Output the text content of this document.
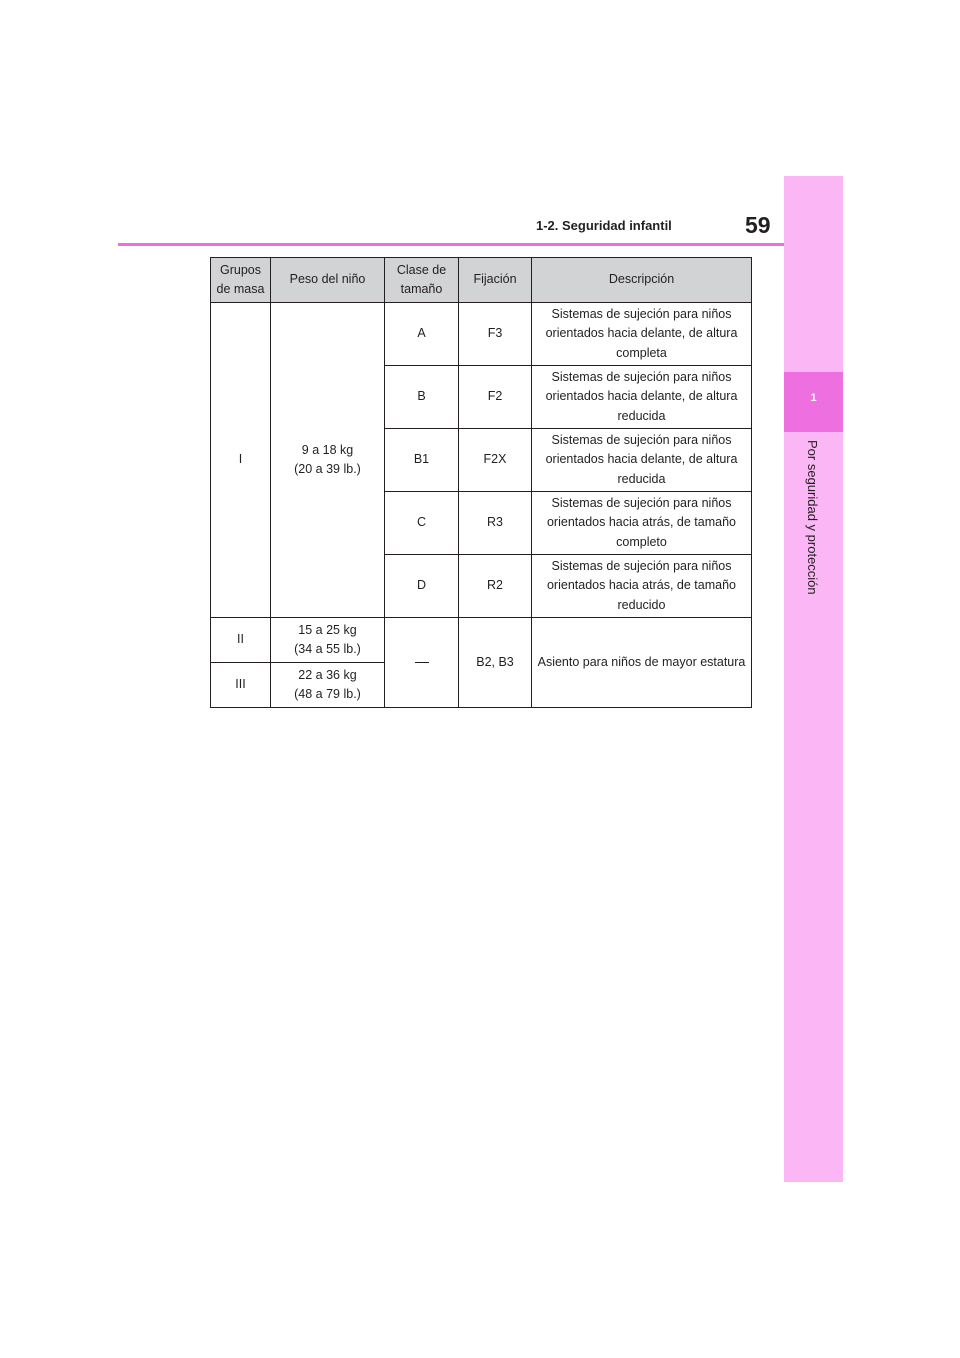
1
Por seguridad y protección
1-2. Seguridad infantil	59
Grupos de masa	Peso del niño	Clase de tamaño	Fijación	Descripción
I	9 a 18 kg (20 a 39 lb.)	A	F3	Sistemas de sujeción para niños orientados hacia delante, de altura completa
		B	F2	Sistemas de sujeción para niños orientados hacia delante, de altura reducida
		B1	F2X	Sistemas de sujeción para niños orientados hacia delante, de altura reducida
		C	R3	Sistemas de sujeción para niños orientados hacia atrás, de tamaño completo
		D	R2	Sistemas de sujeción para niños orientados hacia atrás, de tamaño reducido
II	15 a 25 kg (34 a 55 lb.)		B2, B3	Asiento para niños de mayor estatura
III	22 a 36 kg (48 a 79 lb.)			
